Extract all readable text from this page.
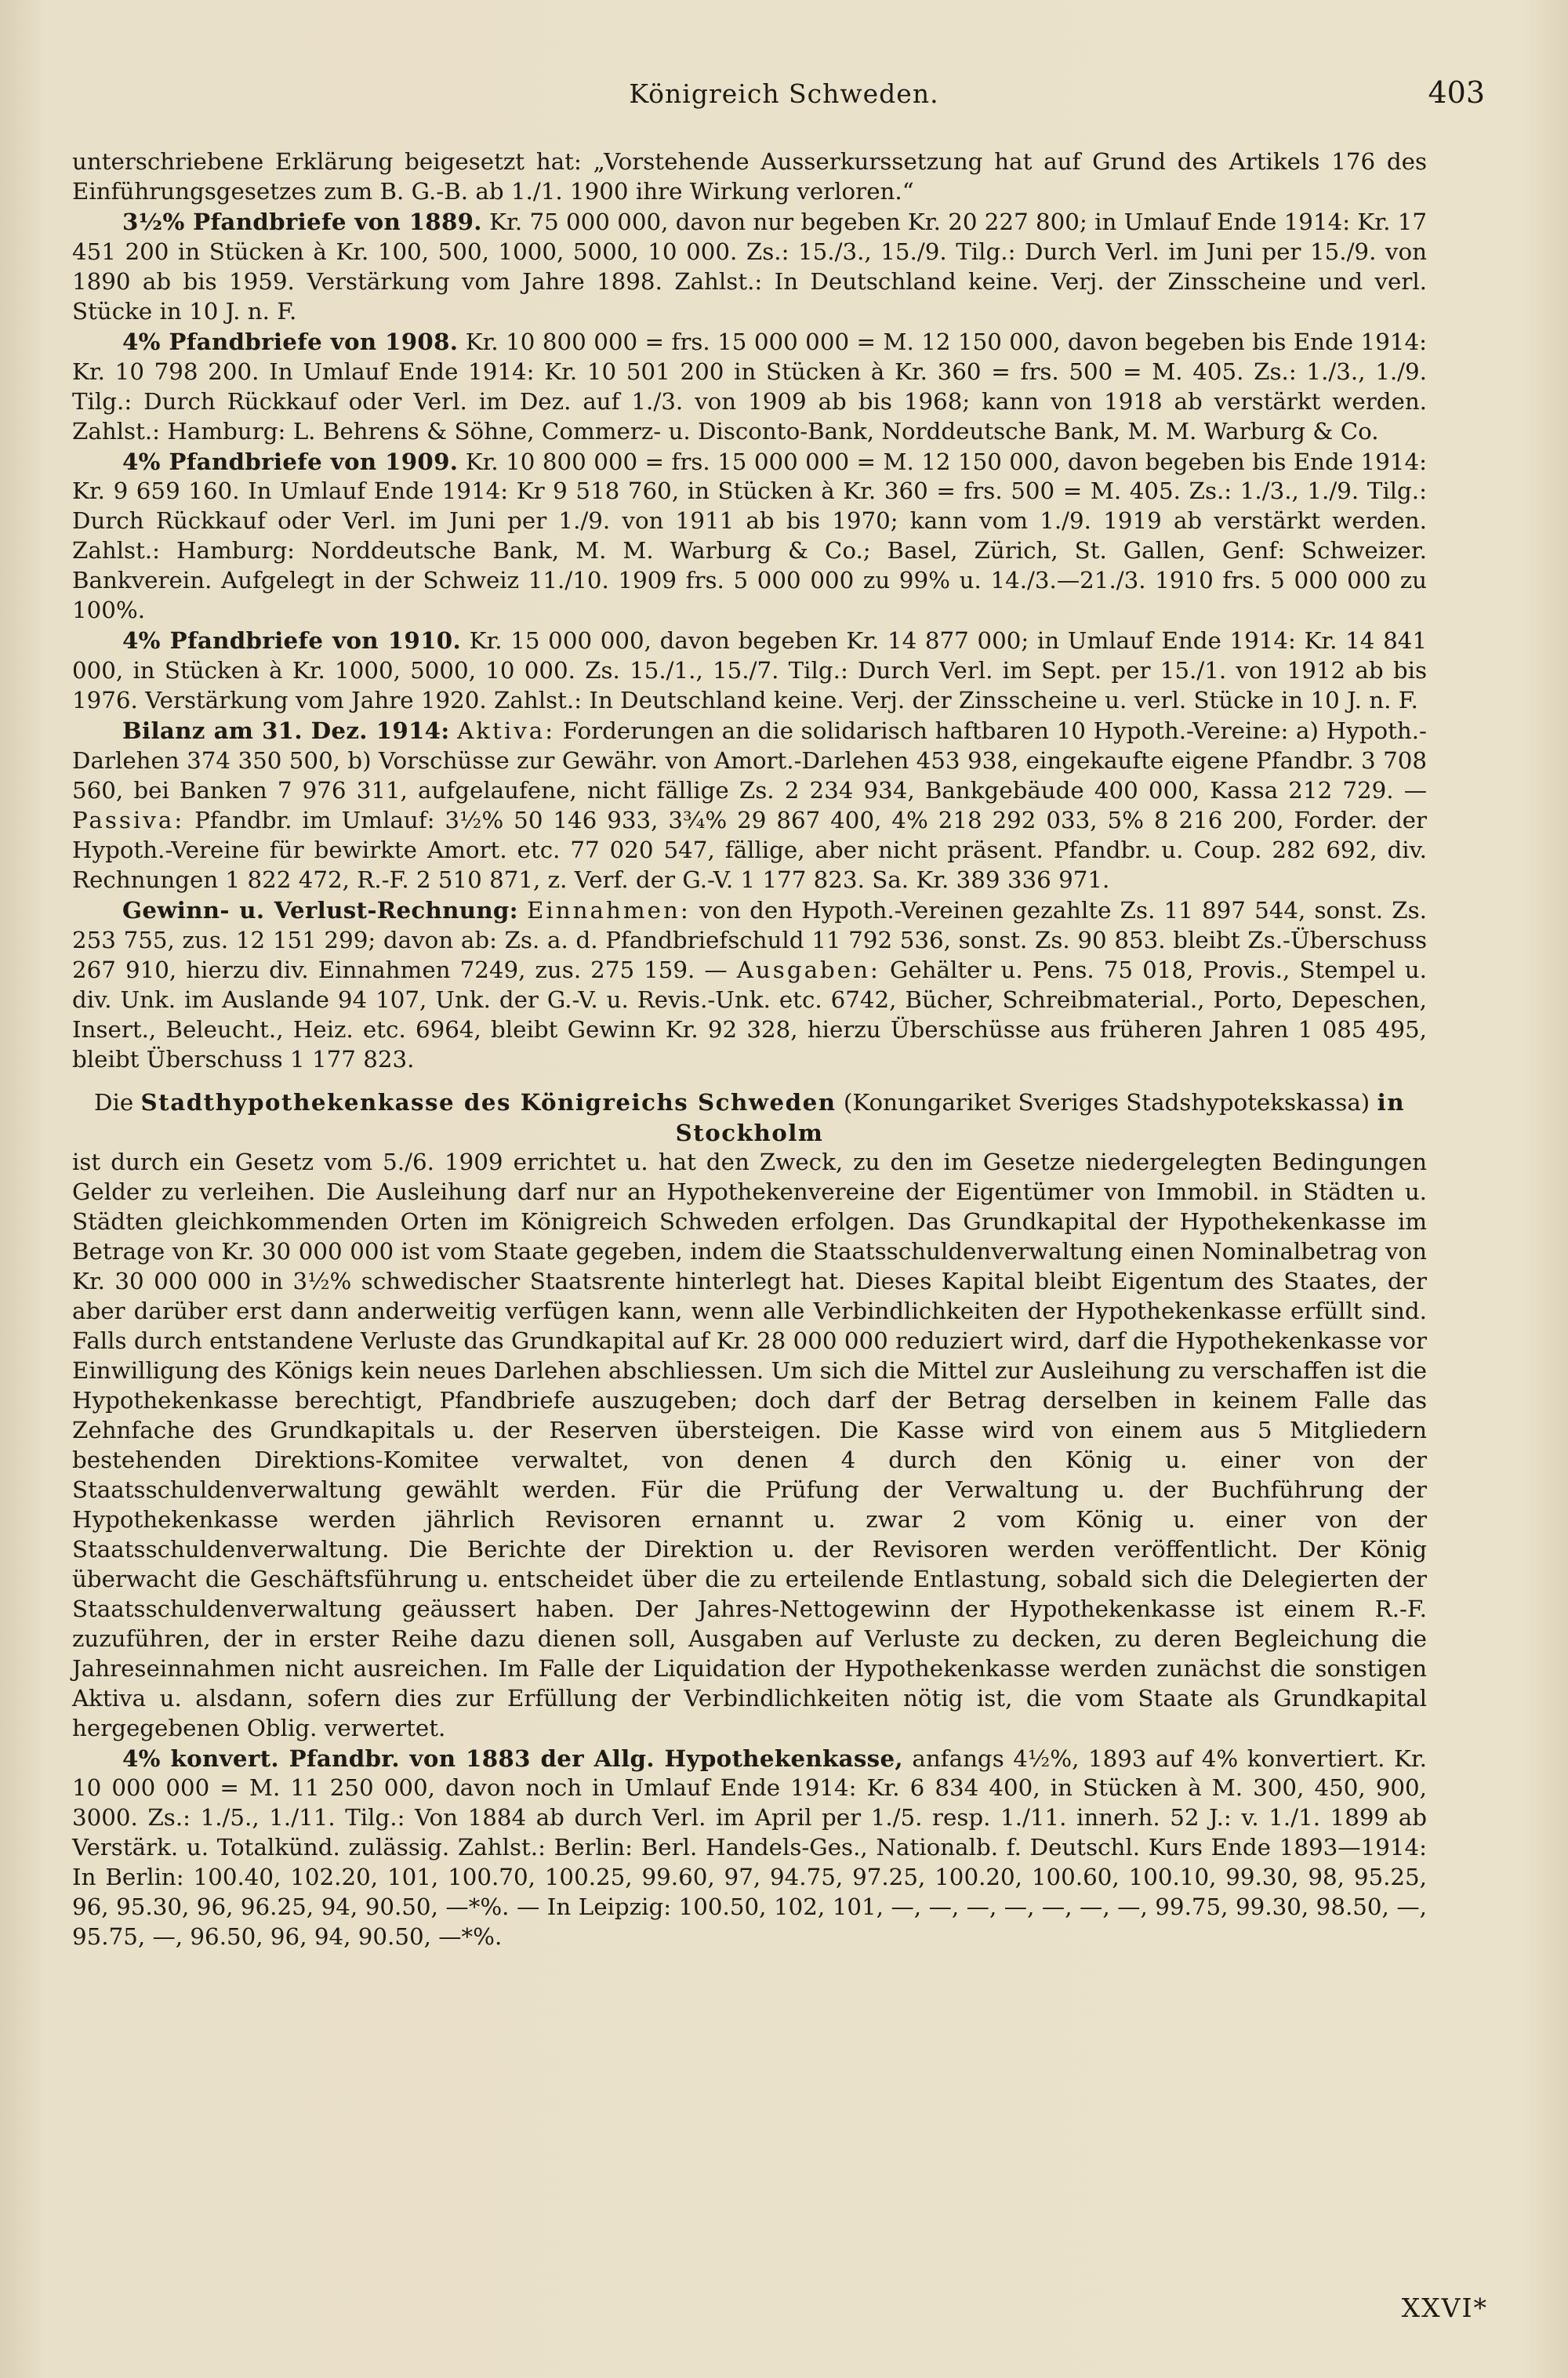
Königreich Schweden.	403

unterschriebene Erklärung beigesetzt hat: „Vorstehende Ausserkurssetzung hat auf Grund des Artikels 176 des Einführungsgesetzes zum B. G.-B. ab 1./1. 1900 ihre Wirkung verloren.“

3½% Pfandbriefe von 1889. Kr. 75 000 000, davon nur begeben Kr. 20 227 800; in Umlauf Ende 1914: Kr. 17 451 200 in Stücken à Kr. 100, 500, 1000, 5000, 10 000. Zs.: 15./3., 15./9. Tilg.: Durch Verl. im Juni per 15./9. von 1890 ab bis 1959. Verstärkung vom Jahre 1898. Zahlst.: In Deutschland keine. Verj. der Zinsscheine und verl. Stücke in 10 J. n. F.

4% Pfandbriefe von 1908. Kr. 10 800 000 = frs. 15 000 000 = M. 12 150 000, davon begeben bis Ende 1914: Kr. 10 798 200. In Umlauf Ende 1914: Kr. 10 501 200 in Stücken à Kr. 360 = frs. 500 = M. 405. Zs.: 1./3., 1./9. Tilg.: Durch Rückkauf oder Verl. im Dez. auf 1./3. von 1909 ab bis 1968; kann von 1918 ab verstärkt werden. Zahlst.: Hamburg: L. Behrens & Söhne, Commerz- u. Disconto-Bank, Norddeutsche Bank, M. M. Warburg & Co.

4% Pfandbriefe von 1909. Kr. 10 800 000 = frs. 15 000 000 = M. 12 150 000, davon begeben bis Ende 1914: Kr. 9 659 160. In Umlauf Ende 1914: Kr 9 518 760, in Stücken à Kr. 360 = frs. 500 = M. 405. Zs.: 1./3., 1./9. Tilg.: Durch Rückkauf oder Verl. im Juni per 1./9. von 1911 ab bis 1970; kann vom 1./9. 1919 ab verstärkt werden. Zahlst.: Hamburg: Norddeutsche Bank, M. M. Warburg & Co.; Basel, Zürich, St. Gallen, Genf: Schweizer. Bankverein. Aufgelegt in der Schweiz 11./10. 1909 frs. 5 000 000 zu 99% u. 14./3.—21./3. 1910 frs. 5 000 000 zu 100%.

4% Pfandbriefe von 1910. Kr. 15 000 000, davon begeben Kr. 14 877 000; in Umlauf Ende 1914: Kr. 14 841 000, in Stücken à Kr. 1000, 5000, 10 000. Zs. 15./1., 15./7. Tilg.: Durch Verl. im Sept. per 15./1. von 1912 ab bis 1976. Verstärkung vom Jahre 1920. Zahlst.: In Deutschland keine. Verj. der Zinsscheine u. verl. Stücke in 10 J. n. F.

Bilanz am 31. Dez. 1914: Aktiva: Forderungen an die solidarisch haftbaren 10 Hypoth.-Vereine: a) Hypoth.-Darlehen 374 350 500, b) Vorschüsse zur Gewähr. von Amort.-Darlehen 453 938, eingekaufte eigene Pfandbr. 3 708 560, bei Banken 7 976 311, aufgelaufene, nicht fällige Zs. 2 234 934, Bankgebäude 400 000, Kassa 212 729. — Passiva: Pfandbr. im Umlauf: 3½% 50 146 933, 3¾% 29 867 400, 4% 218 292 033, 5% 8 216 200, Forder. der Hypoth.-Vereine für bewirkte Amort. etc. 77 020 547, fällige, aber nicht präsent. Pfandbr. u. Coup. 282 692, div. Rechnungen 1 822 472, R.-F. 2 510 871, z. Verf. der G.-V. 1 177 823. Sa. Kr. 389 336 971.

Gewinn- u. Verlust-Rechnung: Einnahmen: von den Hypoth.-Vereinen gezahlte Zs. 11 897 544, sonst. Zs. 253 755, zus. 12 151 299; davon ab: Zs. a. d. Pfandbriefschuld 11 792 536, sonst. Zs. 90 853. bleibt Zs.-Überschuss 267 910, hierzu div. Einnahmen 7249, zus. 275 159. — Ausgaben: Gehälter u. Pens. 75 018, Provis., Stempel u. div. Unk. im Auslande 94 107, Unk. der G.-V. u. Revis.-Unk. etc. 6742, Bücher, Schreibmaterial., Porto, Depeschen, Insert., Beleucht., Heiz. etc. 6964, bleibt Gewinn Kr. 92 328, hierzu Überschüsse aus früheren Jahren 1 085 495, bleibt Überschuss 1 177 823.

Die Stadthypothekenkasse des Königreichs Schweden (Konungariket Sveriges Stadshypotekskassa) in Stockholm

ist durch ein Gesetz vom 5./6. 1909 errichtet u. hat den Zweck, zu den im Gesetze niedergelegten Bedingungen Gelder zu verleihen. Die Ausleihung darf nur an Hypothekenvereine der Eigentümer von Immobil. in Städten u. Städten gleichkommenden Orten im Königreich Schweden erfolgen. Das Grundkapital der Hypothekenkasse im Betrage von Kr. 30 000 000 ist vom Staate gegeben, indem die Staatsschuldenverwaltung einen Nominalbetrag von Kr. 30 000 000 in 3½% schwedischer Staatsrente hinterlegt hat. Dieses Kapital bleibt Eigentum des Staates, der aber darüber erst dann anderweitig verfügen kann, wenn alle Verbindlichkeiten der Hypothekenkasse erfüllt sind. Falls durch entstandene Verluste das Grundkapital auf Kr. 28 000 000 reduziert wird, darf die Hypothekenkasse vor Einwilligung des Königs kein neues Darlehen abschliessen. Um sich die Mittel zur Ausleihung zu verschaffen ist die Hypothekenkasse berechtigt, Pfandbriefe auszugeben; doch darf der Betrag derselben in keinem Falle das Zehnfache des Grundkapitals u. der Reserven übersteigen. Die Kasse wird von einem aus 5 Mitgliedern bestehenden Direktions-Komitee verwaltet, von denen 4 durch den König u. einer von der Staatsschuldenverwaltung gewählt werden. Für die Prüfung der Verwaltung u. der Buchführung der Hypothekenkasse werden jährlich Revisoren ernannt u. zwar 2 vom König u. einer von der Staatsschuldenverwaltung. Die Berichte der Direktion u. der Revisoren werden veröffentlicht. Der König überwacht die Geschäftsführung u. entscheidet über die zu erteilende Entlastung, sobald sich die Delegierten der Staatsschuldenverwaltung geäussert haben. Der Jahres-Nettogewinn der Hypothekenkasse ist einem R.-F. zuzuführen, der in erster Reihe dazu dienen soll, Ausgaben auf Verluste zu decken, zu deren Begleichung die Jahreseinnahmen nicht ausreichen. Im Falle der Liquidation der Hypothekenkasse werden zunächst die sonstigen Aktiva u. alsdann, sofern dies zur Erfüllung der Verbindlichkeiten nötig ist, die vom Staate als Grundkapital hergegebenen Oblig. verwertet.

4% konvert. Pfandbr. von 1883 der Allg. Hypothekenkasse, anfangs 4½%, 1893 auf 4% konvertiert. Kr. 10 000 000 = M. 11 250 000, davon noch in Umlauf Ende 1914: Kr. 6 834 400, in Stücken à M. 300, 450, 900, 3000. Zs.: 1./5., 1./11. Tilg.: Von 1884 ab durch Verl. im April per 1./5. resp. 1./11. innerh. 52 J.: v. 1./1. 1899 ab Verstärk. u. Totalkünd. zulässig. Zahlst.: Berlin: Berl. Handels-Ges., Nationalb. f. Deutschl. Kurs Ende 1893—1914: In Berlin: 100.40, 102.20, 101, 100.70, 100.25, 99.60, 97, 94.75, 97.25, 100.20, 100.60, 100.10, 99.30, 98, 95.25, 96, 95.30, 96, 96.25, 94, 90.50, —*%. — In Leipzig: 100.50, 102, 101, —, —, —, —, —, —, —, 99.75, 99.30, 98.50, —, 95.75, —, 96.50, 96, 94, 90.50, —*%.

XXVI*
